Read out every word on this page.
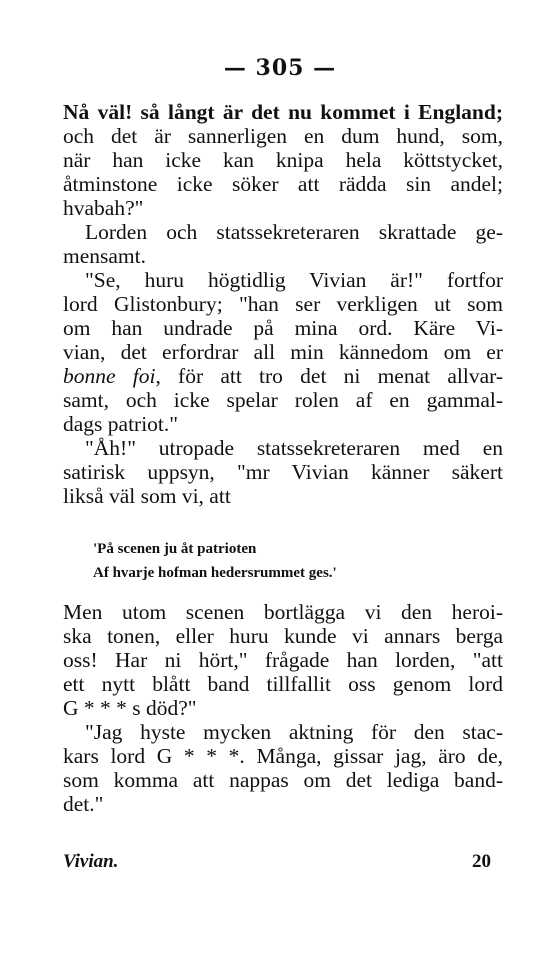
— 305 —
Nå väl! så långt är det nu kommet i England;
och det är sannerligen en dum hund, som,
när han icke kan knipa hela köttstycket,
åtminstone icke söker att rädda sin andel;
hvabah?"
Lorden och statssekreteraren skrattade ge-
mensamt.
"Se, huru högtidlig Vivian är!" fortfor
lord Glistonbury; "han ser verkligen ut som
om han undrade på mina ord. Käre Vi-
vian, det erfordrar all min kännedom om er
bonne foi, för att tro det ni menat allvar-
samt, och icke spelar rolen af en gammal-
dags patriot."
"Åh!" utropade statssekreteraren med en
satirisk uppsyn, "mr Vivian känner säkert
likså väl som vi, att
'På scenen ju åt patrioten
Af hvarje hofman hedersrummet ges.'
Men utom scenen bortlägga vi den heroi-
ska tonen, eller huru kunde vi annars berga
oss! Har ni hört," frågade han lorden, "att
ett nytt blått band tillfallit oss genom lord
G * * * s död?"
"Jag hyste mycken aktning för den stac-
kars lord G * * *. Många, gissar jag, äro de,
som komma att nappas om det lediga band-
det."
Vivian.	20
